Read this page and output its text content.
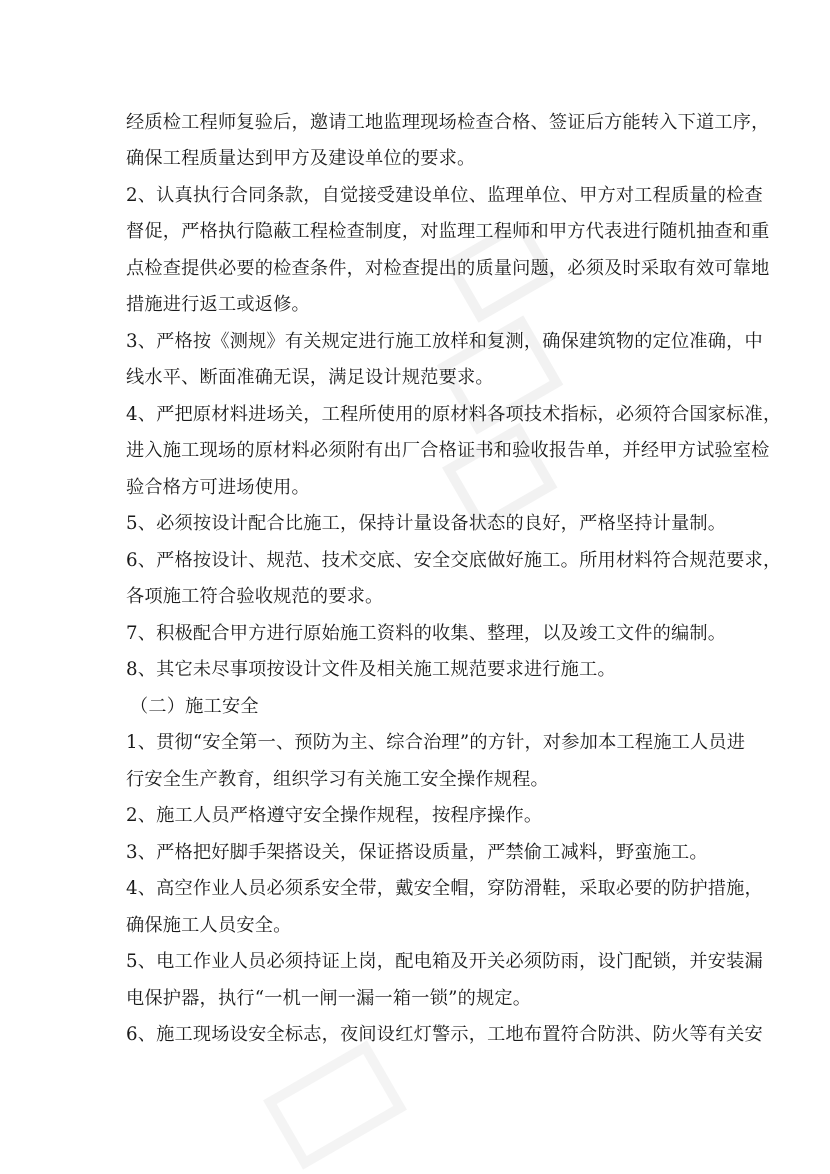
经质检工程师复验后，邀请工地监理现场检查合格、签证后方能转入下道工序，
确保工程质量达到甲方及建设单位的要求。
2、认真执行合同条款，自觉接受建设单位、监理单位、甲方对工程质量的检查
督促，严格执行隐蔽工程检查制度，对监理工程师和甲方代表进行随机抽查和重
点检查提供必要的检查条件，对检查提出的质量问题，必须及时采取有效可靠地
措施进行返工或返修。
3、严格按《测规》有关规定进行施工放样和复测，确保建筑物的定位准确，中
线水平、断面准确无误，满足设计规范要求。
4、严把原材料进场关，工程所使用的原材料各项技术指标，必须符合国家标准，
进入施工现场的原材料必须附有出厂合格证书和验收报告单，并经甲方试验室检
验合格方可进场使用。
5、必须按设计配合比施工，保持计量设备状态的良好，严格坚持计量制。
6、严格按设计、规范、技术交底、安全交底做好施工。所用材料符合规范要求，
各项施工符合验收规范的要求。
7、积极配合甲方进行原始施工资料的收集、整理，以及竣工文件的编制。
8、其它未尽事项按设计文件及相关施工规范要求进行施工。
（二）施工安全
1、贯彻“安全第一、预防为主、综合治理”的方针，对参加本工程施工人员进
行安全生产教育，组织学习有关施工安全操作规程。
2、施工人员严格遵守安全操作规程，按程序操作。
3、严格把好脚手架搭设关，保证搭设质量，严禁偷工减料，野蛮施工。
4、高空作业人员必须系安全带，戴安全帽，穿防滑鞋，采取必要的防护措施，
确保施工人员安全。
5、电工作业人员必须持证上岗，配电箱及开关必须防雨，设门配锁，并安装漏
电保护器，执行“一机一闸一漏一箱一锁”的规定。
6、施工现场设安全标志，夜间设红灯警示，工地布置符合防洪、防火等有关安
